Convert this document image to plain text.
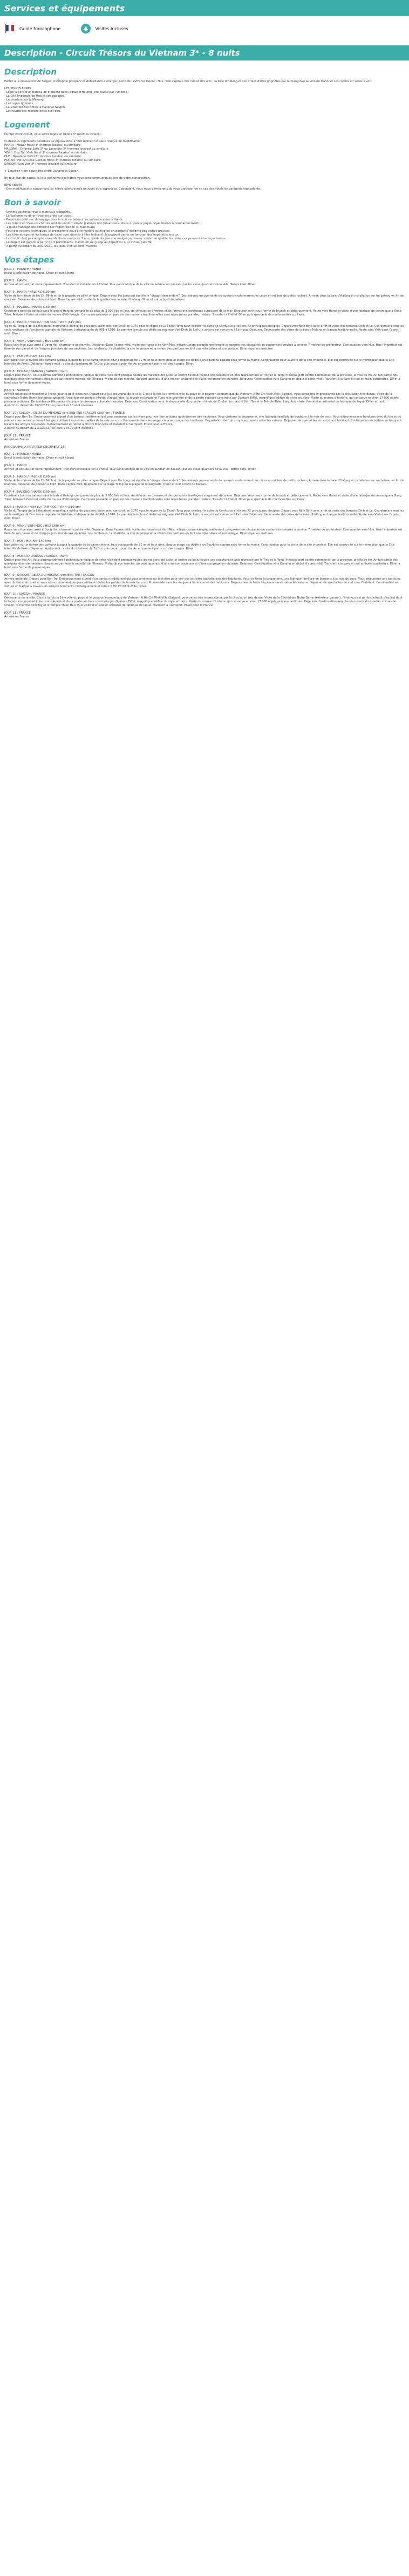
Services et équipements
Guide francophone	Visites incluses
Description - Circuit Trésors du Vietnam 3* - 8 nuits
Description

Partez à la découverte de Saigon, métropole prospère et débordante d'énergie, perle de l'extrême Orient ; Hue, ville capitale des rois et des arts ; la baie d'Halong et ses droles d'îlots grignotés par la mangrove ou encore Hanoi et ses ruelles en velours vert.

LES POINTS FORTS

- Loger à bord d'un bateau de croisière dans la baie d'Halong, site classé par l'Unesco.

- La Cité Impériale de Hué et ses pagodes.

- La croisière sur le Mékong.

- Les repas typiques.

- La situation des hôtels à Hanoi et Saigon.

- Le théâtre des marionnettes sur l'eau.

Logement

Durant votre circuit, vous serez logés en hôtels 3* (normes locales).

Ci-dessous logements possibles ou équivalents, à titre indicatif et sous réserve de modification :

HANOI : Flower Hotel 3* (normes locales) ou similaire

HA LONG : Oriental Sails 3* ou Lavender 3* (normes locales) ou similaire

VINH : Duy Tan Vinh Hotel 3* (normes locales) ou similaire

HUE : Rosaleen Hotel 3* (normes locales) ou similaire

HOI AN : Hoi An Rose Garden Hotel 3* (normes locales) ou similaire

SAIGON : Sen Viet 3* (normes locales) ou similaire

+ 1 nuit en train-couchette entre Danang et Saigon.

En tout état de cause, la liste définitive des hôtels vous sera communiquée lors de votre convocation.

INFO VERITE

- Des modifications concernant les hôtels sélectionnés peuvent être apportées. Cependant, nous nous efforcerons de vous proposer en ce cas des hôtels de catégorie équivalente.

Bon à savoir

- Rythme soutenu, réveils matinaux fréquents.

- Le costume du dîner royal est prêté sur place.

- Prévoir un petit sac de voyage pour la nuit en bateau, les valises restent à Hanoi.

- Les trajets en train-couchettes sont de confort simple (cabines non privatisées, draps et panier pique-nique fournis à l'embarquement).

- 1 guide francophone différent par région visitée (3 maximum).

- Pour des raisons techniques, le programme peut être modifié ou inversé en gardant l'intégrité des visites prévues.

- Les kilométrages et les temps de trajet sont donnés à titre indicatif, ils peuvent varier en fonction des impératifs locaux.

- Le circuit n'est pas adapté aux enfants de moins de 7 ans, résidents pas une malgré un réseau routier de qualité les distances peuvent être importantes.

- Le départ est garanti à partir de 3 participants, maximum 42 (jusqu'au départ du 7/11 inclus, puis 39).

- A partir du départ du 29/1/2021, les jours 9 et 10 sont inversés.

Vos étapes
JOUR 1 : FRANCE / HANOI
Envol à destination de Hanoi. Dîner et nuit à bord.
JOUR 2 : HANOI
Arrivée et accueil par notre représentant. Transfert et installation à l'hôtel. Tour panoramique de la ville en autocar en passant par les vieux quartiers de la ville. Temps libre. Dîner.
JOUR 3 : HANOI / HALONG (180 km)
Visite de la maison de Ho Chi Minh et de la pagode au pilier unique. Départ pour Ha Long qui signifie le "dragon descendant". Ses violents mouvements de queue transformèrent les côtes en milliers de petits rochers. Arrivée dans la baie d'Halong et installation sur un bateau en fin de matinée. Déjeuner de poisson à bord. Dans l'après-midi, visite de la grotte dans la baie d'Halong. Dîner et nuit à bord du bateau.
JOUR 4 : HALONG / HANOI (180 km)
Croisière à bord du bateau dans la baie d'Halong, composée de plus de 3 000 îles et îlots, de silhouettes diverses et de formations karstiques surgissant de la mer. Déjeuner servi sous forme de brunch et débarquement. Route vers Hanoi et visite d'une fabrique de céramique à Dong Trieu. Arrivée à Hanoi et visite du musée d'ethnologie. Ce musée possède un parc où des maisons traditionnelles sont reproduites grandeur nature. Transfert à l'hôtel. Dîner puis spectacle de marionnettes sur l'eau.
JOUR 5 : HANOI / HOA LU / TAM COC / VINH (310 km)
Visite du Temple de la Littérature, magnifique édifice de plusieurs bâtiments, construit en 1070 sous le règne de Ly Thanh Tong pour célébrer le culte de Confucius et de ses 72 principaux disciples. Départ vers Ninh Binh avec arrêt et visite des temples Dinh et Le. Ces derniers sont les seuls vestiges de l'ancienne capitale du Vietnam, indépendante de 968 à 1010. Le premier temple est dédié au seigneur Viet Dinh Bo Linh, le second est consacré à Lê Hoan. Déjeuner. Découverte des côtes de la baie d'Halong en barque traditionnelle. Route vers Vinh dans l'après-midi. Dîner.
JOUR 6 : VINH / VINH MOC / HUE (390 km)
Route vers Hue avec arrêt à Dong Hoi, charmante petite ville. Déjeuner. Dans l'après-midi, visite des tunnels de Vinh Moc, infrastructure exceptionnellement composée des douzaines de souterrains creusés à environ 7 mètres de profondeur. Continuation vers Hue. Hue l'impériale est fière de son passé et de l'origine princière de ses ancêtres. Les tombeaux, la citadelle, la cité impériale et la rivière des parfums en font une ville calme et romantique. Dîner royal en costume.
JOUR 7 : HUE / HOI AN (140 km)
Navigation sur la rivière des parfums jusqu'à la pagode de la dame céleste, tour octogonale de 21 m de haut dont chaque étage est dédié à un Bouddha apparu sous forme humaine. Continuation pour la visite de la cité impériale. Elle est construite sur le même plan que la Cité Interdite de Pékin. Déjeuner. Après-midi : visite du tombeau de Tu Duc puis départ pour Hoi An en passant par le col des nuages. Dîner.
JOUR 8 : HOI AN / DANANG / SAIGON (train)
Départ pour Hoi An. Vous pourrez admirer l'architecture typique de cette ville dont presque toutes les maisons ont juste un centre de bout façade une sculpture en bois représentant le Ying et le Yang. Principal port centre commercial de la province, la ville de Hoi An fait partie des quelques sites vietnamiens classés au patrimoine mondial de l'Unesco. Visite de son marché, du pont japonais, d'une maison ancienne et d'une congrégation chinoise. Déjeuner. Continuation vers Danang en début d'après-midi. Transfert à la gare et nuit en train-couchettes. Dîner à bord sous forme de panier-repas.
JOUR 9 : SAIGON
Arrivée matinale et transfert à l'hôtel pour le petit-déjeuner. Départ pour la découverte de la ville. C'est à la fois la première ville du pays et le poumon économique du Vietnam. A Hô Chi Minh-Ville (Saigon), vous serez très impressionné par la circulation très dense. Visite de la cathédrale Notre Dame (extérieur garanti), l'intérieur est parfois interdit d'accès) dont la façade en brique et l'une rare sobriété et de la poste centrale construite par Gustave Eiffel, magnifique édifice de style art déco. Visite du musée d'histoire, qui conserve environ 17 000 objets précieux antiques. De nombreux bâtiments d'époque la présence coloniale française. Déjeuner. Continuation vers, la découverte du quartier chinois de Cholon, le marché Binh Tay et le Temple Thien Hau. Puis visite d'un atelier artisanal de fabrique de laque. Dîner et nuit.
A partir du départ du 29/1/2021, les jours 9 et 10 sont inversés.
JOUR 10 : SAIGON / DELTA DU MEKONG vers BEN TRE / SAIGON (200 km) / FRANCE
Départ pour Ben Tre. Embarquement à bord d'un bateau traditionnel qui vous amènera sur la rivière pour voir des activités quotidiennes des habitants. Vous visiterez la briqueterie, une fabrique familiale de bonbons à la noix de coco. Vous déjeunerez une bordures avec du thé et du miel et vous verrez comment les gens utilisent toutes les parties de la noix de coco. Promenade dans les vergers à la rencontre des habitants. Dégustation de fruits tropicaux servis selon les saisons. Déjeuner de spécialités du sud chez l'habitant. Continuation en voiture en barque à travers les arroyos luxuriants. Débarquement et retour à Hô Chi Minh-Ville et transfert à l'aéroport. Envol pour la France.
A partir du départ du 29/1/2021, les jours 9 et 10 sont inversés.
JOUR 11 : FRANCE
Arrivée en France
PROGRAMME A PARTIR DE DECEMBRE 18 :
JOUR 1 : FRANCE / HANOI
Envol à destination de Hanoi. Dîner et nuit à bord.
JOUR 2 : HANOI
Arrivée et accueil par notre représentant. Transfert et installation à l'hôtel. Tour panoramique de la ville en autocar en passant par les vieux quartiers de la ville. Temps libre. Dîner.
JOUR 3 : HANOI / HALONG (180 km)
Visite de la maison de Ho Chi Minh et de la pagode au pilier unique. Départ pour Ha Long qui signifie le "dragon descendant". Ses violents mouvements de queue transformèrent les côtes en milliers de petits rochers. Arrivée dans la baie d'Halong et installation sur un bateau en fin de matinée. Déjeuner de poisson à bord. Dans l'après-midi, baignade sur la plage Ti Top ou la plage de la baignade. Dîner et nuit à bord du bateau.
JOUR 4 : HALONG / HANOI (180 km)
Croisière à bord du bateau dans la baie d'Halong, composée de plus de 3 000 îles et îlots, de silhouettes diverses et de formations karstiques surgissant de la mer. Déjeuner servi sous forme de brunch et débarquement. Route vers Hanoi et visite d'une fabrique de céramique à Dong Trieu. Arrivée à Hanoi et visite du musée d'ethnologie. Ce musée possède un parc où des maisons traditionnelles sont reproduites grandeur nature. Transfert à l'hôtel. Dîner puis spectacle de marionnettes sur l'eau.
JOUR 5 : HANOI / HOA LU / TAM COC / VINH (310 km)
Visite du Temple de la Littérature, magnifique édifice de plusieurs bâtiments, construit en 1070 sous le règne de Ly Thanh Tong pour célébrer le culte de Confucius et de ses 72 principaux disciples. Départ vers Ninh Binh avec arrêt et visite des temples Dinh et Le. Ces derniers sont les seuls vestiges de l'ancienne capitale du Vietnam, indépendante de 968 à 1010. Le premier temple est dédié au seigneur Viet Dinh Bo Linh, le second est consacré à Lê Hoan. Déjeuner. Découverte des côtes de la baie d'Halong en barque traditionnelle. Route vers Vinh dans l'après-midi. Dîner.
JOUR 6 : VINH / VINH MOC / HUE (390 km)
Route vers Hue avec arrêt à Dong Hoi, charmante petite ville. Déjeuner. Dans l'après-midi, visite des tunnels de Vinh Moc, infrastructure exceptionnellement composée des douzaines de souterrains creusés à environ 7 mètres de profondeur. Continuation vers Hue. Hue l'impériale est fière de son passé et de l'origine princière de ses ancêtres. Les tombeaux, la citadelle, la cité impériale et la rivière des parfums en font une ville calme et romantique. Dîner royal en costume.
JOUR 7 : HUE / HOI AN (140 km)
Navigation sur la rivière des parfums jusqu'à la pagode de la dame céleste, tour octogonale de 21 m de haut dont chaque étage est dédié à un Bouddha apparu sous forme humaine. Continuation pour la visite de la cité impériale. Elle est construite sur le même plan que la Cité Interdite de Pékin. Déjeuner. Après-midi : visite du tombeau de Tu Duc puis départ pour Hoi An en passant par le col des nuages. Dîner.
JOUR 8 : HOI AN / DANANG / SAIGON (train)
Départ pour Hoi An. Vous pourrez admirer l'architecture typique de cette ville dont presque toutes les maisons ont juste un centre de bout façade une sculpture en bois représentant le Ying et le Yang. Principal port centre commercial de la province, la ville de Hoi An fait partie des quelques sites vietnamiens classés au patrimoine mondial de l'Unesco. Visite de son marché, du pont japonais, d'une maison ancienne et d'une congrégation chinoise. Déjeuner. Continuation vers Danang en début d'après-midi. Transfert à la gare et nuit en train-couchettes. Dîner à bord sous forme de panier-repas.
JOUR 9 : SAIGON / DELTA DU MEKONG vers BEN TRE / SAIGON
Arrivée matinale. Départ pour Ben Tre. Embarquement à bord d'un bateau traditionnel qui vous amènera sur la rivière pour voir des activités quotidiennes des habitants. Vous visiterez la briqueterie, une fabrique familiale de bonbons à la noix de coco. Vous déjeunerez une bordures avec du thé et du miel et vous verrez comment les gens utilisent toutes les parties de la noix de coco. Promenade dans les vergers à la rencontre des habitants. Dégustation de fruits tropicaux servis selon les saisons. Déjeuner de spécialités du sud chez l'habitant. Continuation en voiture en barque à travers les arroyos luxuriants. Débarquement et retour à Hô Chi Minh-Ville. Dîner.
JOUR 10 : SAIGON / FRANCE
Découverte de la ville. C'est à la fois la 1ère ville du pays et le poumon économique du Vietnam. A Hô Chi Minh-Ville (Saigon), vous serez très impressionné par la circulation très dense. Visite de la Cathédrale Notre Dame (extérieur garanti), l'intérieur est parfois interdit d'accès) dont la façade en brique et l'une rare sobriété et de la poste centrale construite par Gustave Eiffel, magnifique édifice de style art déco. Visite du musée d'histoire, qui conserve environ 17 000 objets précieux antiques. Déjeuner. Continuation vers, la découverte du quartier chinois de Cholon, le marché Binh Tay et le Temple Thien Hau. Puis visite d'un atelier artisanal de fabrique de laque. Transfert à l'aéroport. Envol pour la France.
JOUR 11 : FRANCE
Arrivée en France
